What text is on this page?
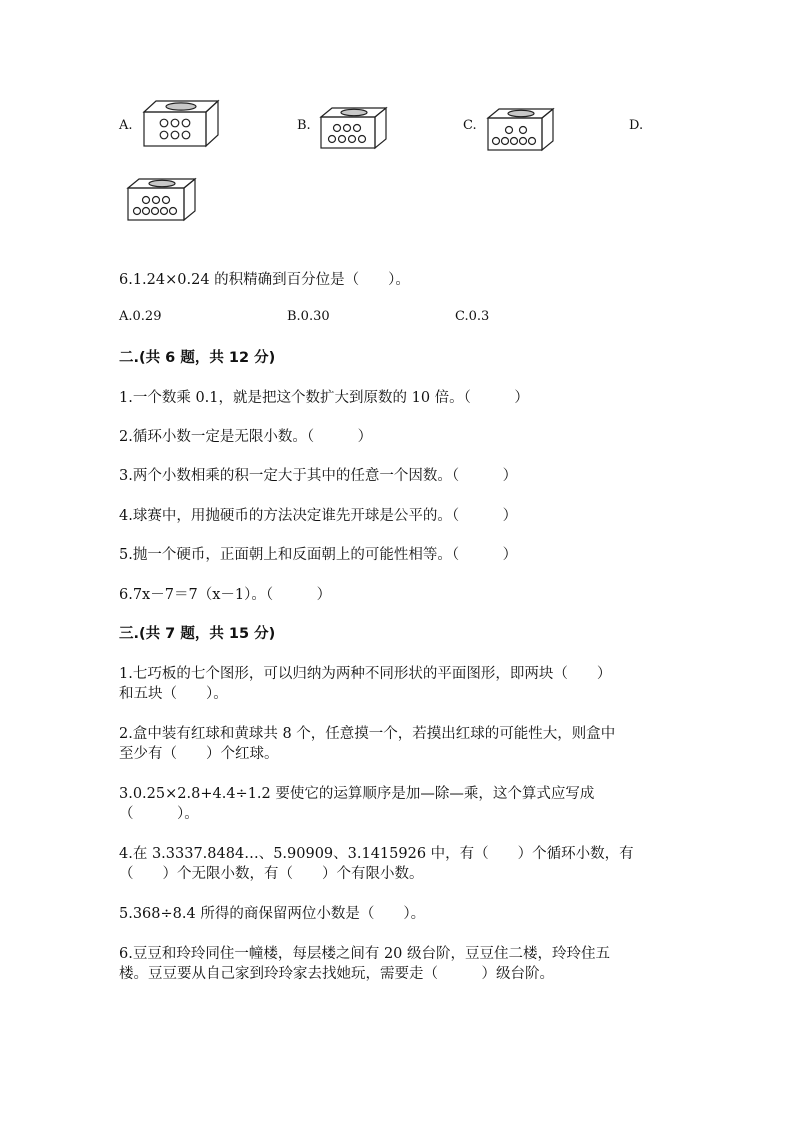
A.	B.	C.	D.
6.1.24×0.24 的积精确到百分位是（　　）。
A.0.29	B.0.30	C.0.3
二.(共 6 题，共 12 分)
1.一个数乘 0.1，就是把这个数扩大到原数的 10 倍。（　　　）
2.循环小数一定是无限小数。（　　　）
3.两个小数相乘的积一定大于其中的任意一个因数。（　　　）
4.球赛中，用抛硬币的方法决定谁先开球是公平的。（　　　）
5.抛一个硬币，正面朝上和反面朝上的可能性相等。（　　　）
6.7x－7＝7（x－1）。（　　　）
三.(共 7 题，共 15 分)
1.七巧板的七个图形，可以归纳为两种不同形状的平面图形，即两块（　　）
和五块（　　）。
2.盒中装有红球和黄球共 8 个，任意摸一个，若摸出红球的可能性大，则盒中
至少有（　　）个红球。
3.0.25×2.8+4.4÷1.2 要使它的运算顺序是加—除—乘，这个算式应写成
（　　　）。
4.在 3.3337.8484…、5.90909、3.1415926 中，有（　　）个循环小数，有
（　　）个无限小数，有（　　）个有限小数。
5.368÷8.4 所得的商保留两位小数是（　　）。
6.豆豆和玲玲同住一幢楼，每层楼之间有 20 级台阶，豆豆住二楼，玲玲住五
楼。豆豆要从自己家到玲玲家去找她玩，需要走（　　　）级台阶。
